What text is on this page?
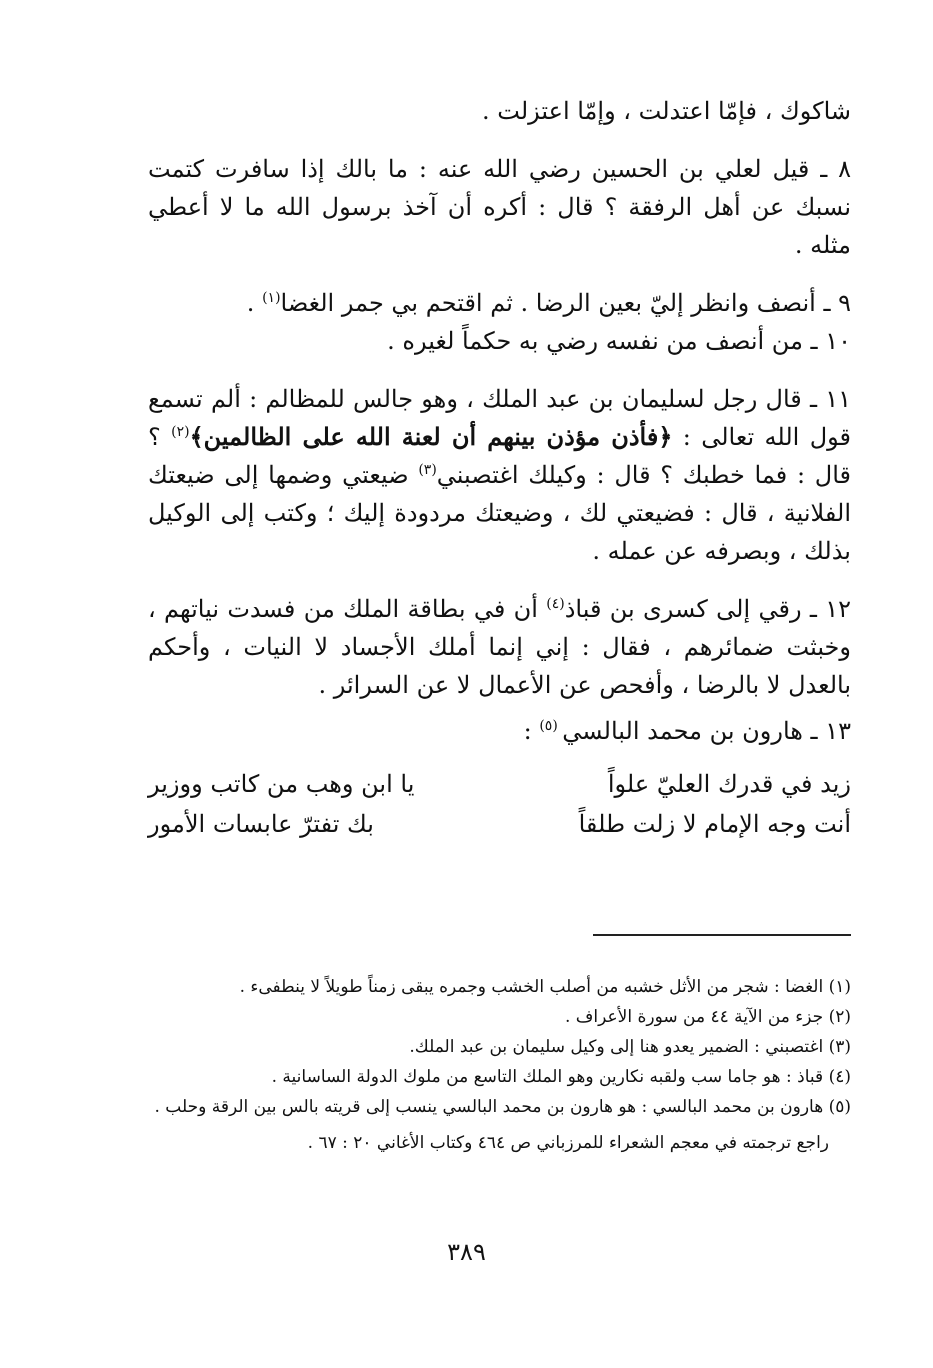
شاكوك ، فإمّا اعتدلت ، وإمّا اعتزلت .

٨ ـ قيل لعلي بن الحسين رضي الله عنه : ما بالك إذا سافرت كتمت نسبك عن أهل الرفقة ؟ قال : أكره أن آخذ برسول الله ما لا أعطي مثله .

٩ ـ أنصف وانظر إليّ بعين الرضا . ثم اقتحم بي جمر الغضا$^{(١)}$ .

١٠ ـ من أنصف من نفسه رضي به حكماً لغيره .

١١ ـ قال رجل لسليمان بن عبد الملك ، وهو جالس للمظالم : ألم تسمع قول الله تعالى : ﴿فأذن مؤذن بينهم أن لعنة الله على الظالمين﴾$^{(٢)}$ ؟ قال : فما خطبك ؟ قال : وكيلك اغتصبني$^{(٣)}$ ضيعتي وضمها إلى ضيعتك الفلانية ، قال : فضيعتي لك ، وضيعتك مردودة إليك ؛ وكتب إلى الوكيل بذلك ، وبصرفه عن عمله .

١٢ ـ رقي إلى كسرى بن قباذ$^{(٤)}$ أن في بطاقة الملك من فسدت نياتهم ، وخبثت ضمائرهم ، فقال : إني إنما أملك الأجساد لا النيات ، وأحكم بالعدل لا بالرضا ، وأفحص عن الأعمال لا عن السرائر .

١٣ ـ هارون بن محمد البالسي $^{(٥)}$ :

زيد في قدرك العليّ علواً
يا ابن وهب من كاتب ووزير
أنت وجه الإمام لا زلت طلقاً
بك تفترّ عابسات الأمور

(١) الغضا : شجر من الأثل خشبه من أصلب الخشب وجمره يبقى زمناً طويلاً لا ينطفىء .

(٢) جزء من الآية ٤٤ من سورة الأعراف .

(٣) اغتصبني : الضمير يعدو هنا إلى وكيل سليمان بن عبد الملك.

(٤) قباذ : هو جاما سب ولقبه نكارين وهو الملك التاسع من ملوك الدولة الساسانية .

(٥) هارون بن محمد البالسي : هو هارون بن محمد البالسي ينسب إلى قريته بالس بين الرقة وحلب .

راجع ترجمته في معجم الشعراء للمرزباني ص ٤٦٤ وكتاب الأغاني ٢٠ : ٦٧ .

٣٨٩
